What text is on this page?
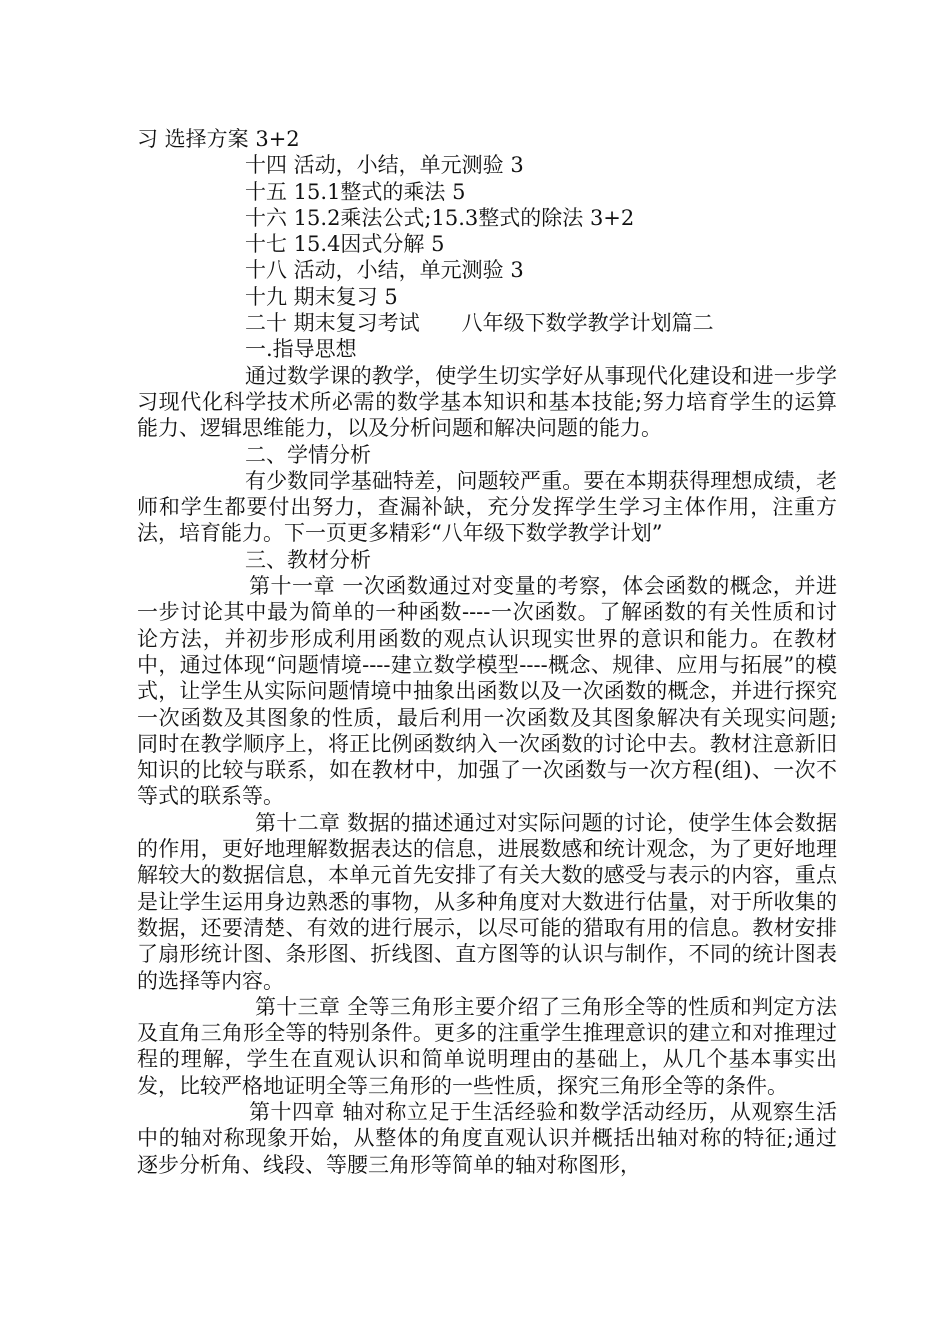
习 选择方案 3+2
十四 活动，小结，单元测验 3
十五 15.1整式的乘法 5
十六 15.2乘法公式;15.3整式的除法 3+2
十七 15.4因式分解 5
十八 活动，小结，单元测验 3
十九 期末复习 5
二十 期末复习考试　　八年级下数学教学计划篇二
一.指导思想
通过数学课的教学，使学生切实学好从事现代化建设和进一步学习现代化科学技术所必需的数学基本知识和基本技能;努力培育学生的运算能力、逻辑思维能力，以及分析问题和解决问题的能力。
二、学情分析
有少数同学基础特差，问题较严重。要在本期获得理想成绩，老师和学生都要付出努力，查漏补缺，充分发挥学生学习主体作用，注重方法，培育能力。下一页更多精彩“八年级下数学教学计划”
三、教材分析
第十一章 一次函数通过对变量的考察，体会函数的概念，并进一步讨论其中最为简单的一种函数----一次函数。了解函数的有关性质和讨论方法，并初步形成利用函数的观点认识现实世界的意识和能力。在教材中，通过体现“问题情境----建立数学模型----概念、规律、应用与拓展”的模式，让学生从实际问题情境中抽象出函数以及一次函数的概念，并进行探究一次函数及其图象的性质，最后利用一次函数及其图象解决有关现实问题;同时在教学顺序上，将正比例函数纳入一次函数的讨论中去。教材注意新旧知识的比较与联系，如在教材中，加强了一次函数与一次方程(组)、一次不等式的联系等。
第十二章 数据的描述通过对实际问题的讨论，使学生体会数据的作用，更好地理解数据表达的信息，进展数感和统计观念，为了更好地理解较大的数据信息，本单元首先安排了有关大数的感受与表示的内容，重点是让学生运用身边熟悉的事物，从多种角度对大数进行估量，对于所收集的数据，还要清楚、有效的进行展示，以尽可能的猎取有用的信息。教材安排了扇形统计图、条形图、折线图、直方图等的认识与制作，不同的统计图表的选择等内容。
第十三章 全等三角形主要介绍了三角形全等的性质和判定方法及直角三角形全等的特别条件。更多的注重学生推理意识的建立和对推理过程的理解，学生在直观认识和简单说明理由的基础上，从几个基本事实出发，比较严格地证明全等三角形的一些性质，探究三角形全等的条件。
第十四章 轴对称立足于生活经验和数学活动经历，从观察生活中的轴对称现象开始，从整体的角度直观认识并概括出轴对称的特征;通过逐步分析角、线段、等腰三角形等简单的轴对称图形，
